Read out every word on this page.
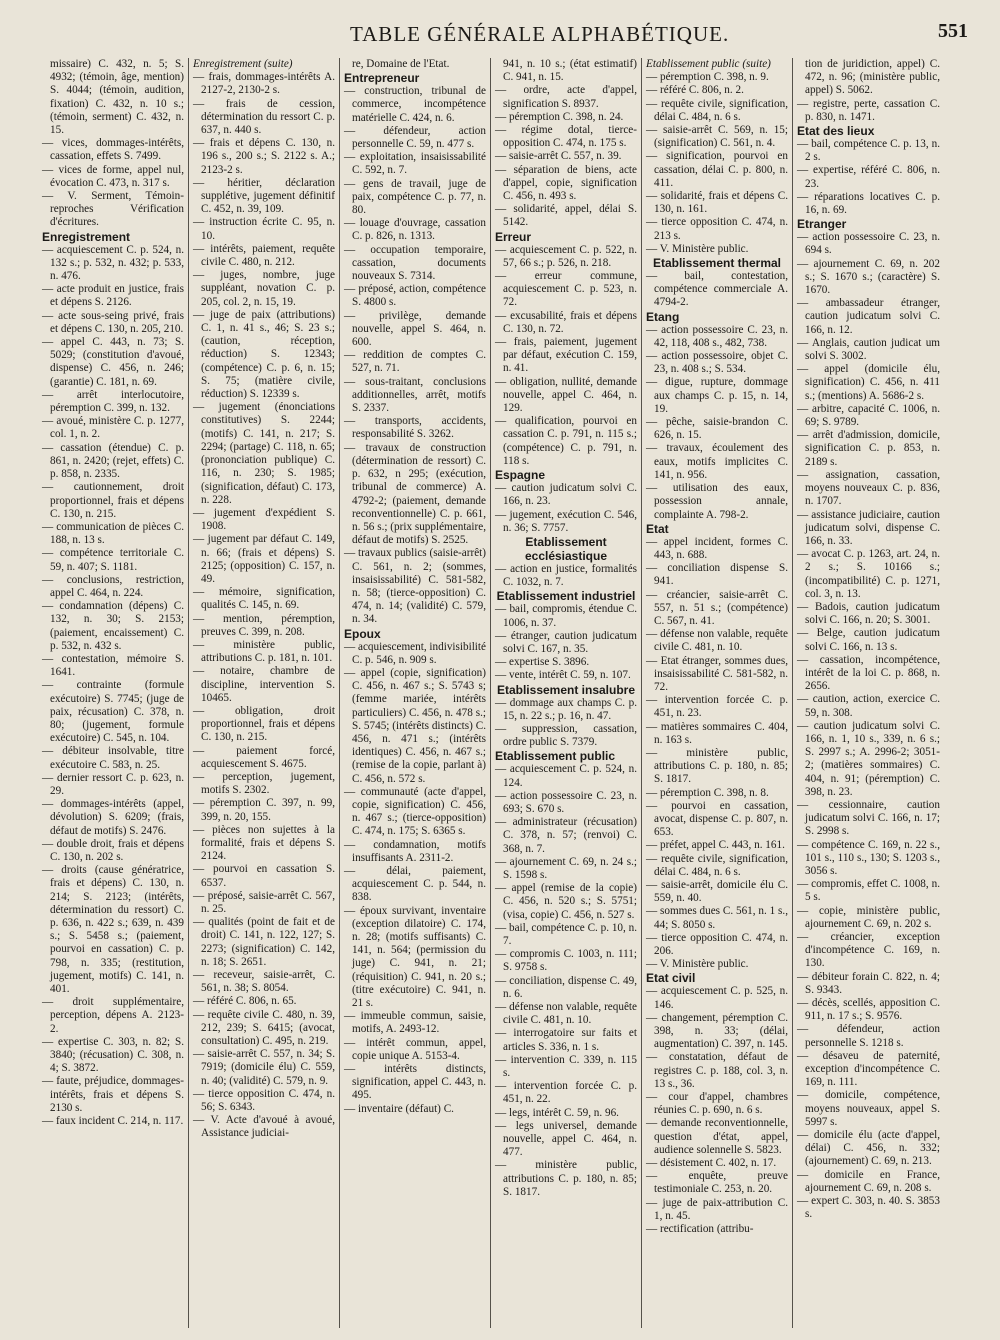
TABLE GÉNÉRALE ALPHABÉTIQUE.	551

missaire) C. 432, n. 5; S. 4932; (témoin, âge, mention) S. 4044; (témoin, audition, fixation) C. 432, n. 10 s.; (témoin, serment) C. 432, n. 15.

— vices, dommages-intérêts, cassation, effets S. 7499.

— vices de forme, appel nul, évocation C. 473, n. 317 s.

— V. Serment, Témoin-reproches Vérification d'écritures.

Enregistrement

— acquiescement C. p. 524, n. 132 s.; p. 532, n. 432; p. 533, n. 476.

— acte produit en justice, frais et dépens S. 2126.

— acte sous-seing privé, frais et dépens C. 130, n. 205, 210.

— appel C. 443, n. 73; S. 5029; (constitution d'avoué, dispense) C. 456, n. 246; (garantie) C. 181, n. 69.

— arrêt interlocutoire, péremption C. 399, n. 132.

— avoué, ministère C. p. 1277, col. 1, n. 2.

— cassation (étendue) C. p. 861, n. 2420; (rejet, effets) C. p. 858, n. 2335.

— cautionnement, droit proportionnel, frais et dépens C. 130, n. 215.

— communication de pièces C. 188, n. 13 s.

— compétence territoriale C. 59, n. 407; S. 1181.

— conclusions, restriction, appel C. 464, n. 224.

— condamnation (dépens) C. 132, n. 30; S. 2153; (paiement, encaissement) C. p. 532, n. 432 s.

— contestation, mémoire S. 1641.

— contrainte (formule exécutoire) S. 7745; (juge de paix, récusation) C. 378, n. 80; (jugement, formule exécutoire) C. 545, n. 104.

— débiteur insolvable, titre exécutoire C. 583, n. 25.

— dernier ressort C. p. 623, n. 29.

— dommages-intérêts (appel, dévolution) S. 6209; (frais, défaut de motifs) S. 2476.

— double droit, frais et dépens C. 130, n. 202 s.

— droits (cause génératrice, frais et dépens) C. 130, n. 214; S. 2123; (intérêts, détermination du ressort) C. p. 636, n. 422 s.; 639, n. 439 s.; S. 5458 s.; (paiement, pourvoi en cassation) C. p. 798, n. 335; (restitution, jugement, motifs) C. 141, n. 401.

— droit supplémentaire, perception, dépens A. 2123-2.

— expertise C. 303, n. 82; S. 3840; (récusation) C. 308, n. 4; S. 3872.

— faute, préjudice, dommages-intérêts, frais et dépens S. 2130 s.

— faux incident C. 214, n. 117.

Enregistrement (suite)

— frais, dommages-intérêts A. 2127-2, 2130-2 s.

— frais de cession, détermination du ressort C. p. 637, n. 440 s.

— frais et dépens C. 130, n. 196 s., 200 s.; S. 2122 s. A.; 2123-2 s.

— héritier, déclaration supplétive, jugement définitif C. 452, n. 39, 109.

— instruction écrite C. 95, n. 10.

— intérêts, paiement, requête civile C. 480, n. 212.

— juges, nombre, juge suppléant, novation C. p. 205, col. 2, n. 15, 19.

— juge de paix (attributions) C. 1, n. 41 s., 46; S. 23 s.; (caution, réception, réduction) S. 12343; (compétence) C. p. 6, n. 15; S. 75; (matière civile, réduction) S. 12339 s.

— jugement (énonciations constitutives) S. 2244; (motifs) C. 141, n. 217; S. 2294; (partage) C. 118, n. 65; (prononciation publique) C. 116, n. 230; S. 1985; (signification, défaut) C. 173, n. 228.

— jugement d'expédient S. 1908.

— jugement par défaut C. 149, n. 66; (frais et dépens) S. 2125; (opposition) C. 157, n. 49.

— mémoire, signification, qualités C. 145, n. 69.

— mention, péremption, preuves C. 399, n. 208.

— ministère public, attributions C. p. 181, n. 101.

— notaire, chambre de discipline, intervention S. 10465.

— obligation, droit proportionnel, frais et dépens C. 130, n. 215.

— paiement forcé, acquiescement S. 4675.

— perception, jugement, motifs S. 2302.

— péremption C. 397, n. 99, 399, n. 20, 155.

— pièces non sujettes à la formalité, frais et dépens S. 2124.

— pourvoi en cassation S. 6537.

— préposé, saisie-arrêt C. 567, n. 25.

— qualités (point de fait et de droit) C. 141, n. 122, 127; S. 2273; (signification) C. 142, n. 18; S. 2651.

— receveur, saisie-arrêt, C. 561, n. 38; S. 8054.

— référé C. 806, n. 65.

— requête civile C. 480, n. 39, 212, 239; S. 6415; (avocat, consultation) C. 495, n. 219.

— saisie-arrêt C. 557, n. 34; S. 7919; (domicile élu) C. 559, n. 40; (validité) C. 579, n. 9.

— tierce opposition C. 474, n. 56; S. 6343.

— V. Acte d'avoué à avoué, Assistance judiciai-

re, Domaine de l'Etat.

Entrepreneur

— construction, tribunal de commerce, incompétence matérielle C. 424, n. 6.

— défendeur, action personnelle C. 59, n. 477 s.

— exploitation, insaisissabilité C. 592, n. 7.

— gens de travail, juge de paix, compétence C. p. 77, n. 80.

— louage d'ouvrage, cassation C. p. 826, n. 1313.

— occupation temporaire, cassation, documents nouveaux S. 7314.

— préposé, action, compétence S. 4800 s.

— privilège, demande nouvelle, appel S. 464, n. 600.

— reddition de comptes C. 527, n. 71.

— sous-traitant, conclusions additionnelles, arrêt, motifs S. 2337.

— transports, accidents, responsabilité S. 3262.

— travaux de construction (détermination de ressort) C. p. 632, n 295; (exécution, tribunal de commerce) A. 4792-2; (paiement, demande reconventionnelle) C. p. 661, n. 56 s.; (prix supplémentaire, défaut de motifs) S. 2525.

— travaux publics (saisie-arrêt) C. 561, n. 2; (sommes, insaisissabilité) C. 581-582, n. 58; (tierce-opposition) C. 474, n. 14; (validité) C. 579, n. 34.

Epoux

— acquiescement, indivisibilité C. p. 546, n. 909 s.

— appel (copie, signification) C. 456, n. 467 s.; S. 5743 s; (femme mariée, intérêts particuliers) C. 456, n. 478 s.; S. 5745; (intérêts distincts) C. 456, n. 471 s.; (intérêts identiques) C. 456, n. 467 s.; (remise de la copie, parlant à) C. 456, n. 572 s.

— communauté (acte d'appel, copie, signification) C. 456, n. 467 s.; (tierce-opposition) C. 474, n. 175; S. 6365 s.

— condamnation, motifs insuffisants A. 2311-2.

— délai, paiement, acquiescement C. p. 544, n. 838.

— époux survivant, inventaire (exception dilatoire) C. 174, n. 28; (motifs suffisants) C. 141, n. 564; (permission du juge) C. 941, n. 21; (réquisition) C. 941, n. 20 s.; (titre exécutoire) C. 941, n. 21 s.

— immeuble commun, saisie, motifs, A. 2493-12.

— intérêt commun, appel, copie unique A. 5153-4.

— intérêts distincts, signification, appel C. 443, n. 495.

— inventaire (défaut) C.

941, n. 10 s.; (état estimatif) C. 941, n. 15.

— ordre, acte d'appel, signification S. 8937.

— péremption C. 398, n. 24.

— régime dotal, tierce-opposition C. 474, n. 175 s.

— saisie-arrêt C. 557, n. 39.

— séparation de biens, acte d'appel, copie, signification C. 456, n. 493 s.

— solidarité, appel, délai S. 5142.

Erreur

— acquiescement C. p. 522, n. 57, 66 s.; p. 526, n. 218.

— erreur commune, acquiescement C. p. 523, n. 72.

— excusabilité, frais et dépens C. 130, n. 72.

— frais, paiement, jugement par défaut, exécution C. 159, n. 41.

— obligation, nullité, demande nouvelle, appel C. 464, n. 129.

— qualification, pourvoi en cassation C. p. 791, n. 115 s.; (compétence) C. p. 791, n. 118 s.

Espagne

— caution judicatum solvi C. 166, n. 23.

— jugement, exécution C. 546, n. 36; S. 7757.

Etablissement ecclésiastique

— action en justice, formalités C. 1032, n. 7.

Etablissement industriel

— bail, compromis, étendue C. 1006, n. 37.

— étranger, caution judicatum solvi C. 167, n. 35.

— expertise S. 3896.

— vente, intérêt C. 59, n. 107.

Etablissement insalubre

— dommage aux champs C. p. 15, n. 22 s.; p. 16, n. 47.

— suppression, cassation, ordre public S. 7379.

Etablissement public

— acquiescement C. p. 524, n. 124.

— action possessoire C. 23, n. 693; S. 670 s.

— administrateur (récusation) C. 378, n. 57; (renvoi) C. 368, n. 7.

— ajournement C. 69, n. 24 s.; S. 1598 s.

— appel (remise de la copie) C. 456, n. 520 s.; S. 5751; (visa, copie) C. 456, n. 527 s.

— bail, compétence C. p. 10, n. 7.

— compromis C. 1003, n. 111; S. 9758 s.

— conciliation, dispense C. 49, n. 6.

— défense non valable, requête civile C. 481, n. 10.

— interrogatoire sur faits et articles S. 336, n. 1 s.

— intervention C. 339, n. 115 s.

— intervention forcée C. p. 451, n. 22.

— legs, intérêt C. 59, n. 96.

— legs universel, demande nouvelle, appel C. 464, n. 477.

— ministère public, attributions C. p. 180, n. 85; S. 1817.

Etablissement public (suite)

— péremption C. 398, n. 9.

— référé C. 806, n. 2.

— requête civile, signification, délai C. 484, n. 6 s.

— saisie-arrêt C. 569, n. 15; (signification) C. 561, n. 4.

— signification, pourvoi en cassation, délai C. p. 800, n. 411.

— solidarité, frais et dépens C. 130, n. 161.

— tierce opposition C. 474, n. 213 s.

— V. Ministère public.

Etablissement thermal

— bail, contestation, compétence commerciale A. 4794-2.

Etang

— action possessoire C. 23, n. 42, 118, 408 s., 482, 738.

— action possessoire, objet C. 23, n. 408 s.; S. 534.

— digue, rupture, dommage aux champs C. p. 15, n. 14, 19.

— pêche, saisie-brandon C. 626, n. 15.

— travaux, écoulement des eaux, motifs implicites C. 141, n. 956.

— utilisation des eaux, possession annale, complainte A. 798-2.

Etat

— appel incident, formes C. 443, n. 688.

— conciliation dispense S. 941.

— créancier, saisie-arrêt C. 557, n. 51 s.; (compétence) C. 567, n. 41.

— défense non valable, requête civile C. 481, n. 10.

— Etat étranger, sommes dues, insaisissabilité C. 581-582, n. 72.

— intervention forcée C. p. 451, n. 23.

— matières sommaires C. 404, n. 163 s.

— ministère public, attributions C. p. 180, n. 85; S. 1817.

— péremption C. 398, n. 8.

— pourvoi en cassation, avocat, dispense C. p. 807, n. 653.

— préfet, appel C. 443, n. 161.

— requête civile, signification, délai C. 484, n. 6 s.

— saisie-arrêt, domicile élu C. 559, n. 40.

— sommes dues C. 561, n. 1 s., 44; S. 8050 s.

— tierce opposition C. 474, n. 206.

— V. Ministère public.

Etat civil

— acquiescement C. p. 525, n. 146.

— changement, péremption C. 398, n. 33; (délai, augmentation) C. 397, n. 145.

— constatation, défaut de registres C. p. 188, col. 3, n. 13 s., 36.

— cour d'appel, chambres réunies C. p. 690, n. 6 s.

— demande reconventionnelle, question d'état, appel, audience solennelle S. 5823.

— désistement C. 402, n. 17.

— enquête, preuve testimoniale C. 253, n. 20.

— juge de paix-attribution C. 1, n. 45.

— rectification (attribu-

tion de juridiction, appel) C. 472, n. 96; (ministère public, appel) S. 5062.

— registre, perte, cassation C. p. 830, n. 1471.

Etat des lieux

— bail, compétence C. p. 13, n. 2 s.

— expertise, référé C. 806, n. 23.

— réparations locatives C. p. 16, n. 69.

Etranger

— action possessoire C. 23, n. 694 s.

— ajournement C. 69, n. 202 s.; S. 1670 s.; (caractère) S. 1670.

— ambassadeur étranger, caution judicatum solvi C. 166, n. 12.

— Anglais, caution judicat um solvi S. 3002.

— appel (domicile élu, signification) C. 456, n. 411 s.; (mentions) A. 5686-2 s.

— arbitre, capacité C. 1006, n. 69; S. 9789.

— arrêt d'admission, domicile, signification C. p. 853, n. 2189 s.

— assignation, cassation, moyens nouveaux C. p. 836, n. 1707.

— assistance judiciaire, caution judicatum solvi, dispense C. 166, n. 33.

— avocat C. p. 1263, art. 24, n. 2 s.; S. 10166 s.; (incompatibilité) C. p. 1271, col. 3, n. 13.

— Badois, caution judicatum solvi C. 166, n. 20; S. 3001.

— Belge, caution judicatum solvi C. 166, n. 13 s.

— cassation, incompétence, intérêt de la loi C. p. 868, n. 2656.

— caution, action, exercice C. 59, n. 308.

— caution judicatum solvi C. 166, n. 1, 10 s., 339, n. 6 s.; S. 2997 s.; A. 2996-2; 3051-2; (matières sommaires) C. 404, n. 91; (péremption) C. 398, n. 23.

— cessionnaire, caution judicatum solvi C. 166, n. 17; S. 2998 s.

— compétence C. 169, n. 22 s., 101 s., 110 s., 130; S. 1203 s., 3056 s.

— compromis, effet C. 1008, n. 5 s.

— copie, ministère public, ajournement C. 69, n. 202 s.

— créancier, exception d'incompétence C. 169, n. 130.

— débiteur forain C. 822, n. 4; S. 9343.

— décès, scellés, apposition C. 911, n. 17 s.; S. 9576.

— défendeur, action personnelle S. 1218 s.

— désaveu de paternité, exception d'incompétence C. 169, n. 111.

— domicile, compétence, moyens nouveaux, appel S. 5997 s.

— domicile élu (acte d'appel, délai) C. 456, n. 332; (ajournement) C. 69, n. 213.

— domicile en France, ajournement C. 69, n. 208 s.

— expert C. 303, n. 40. S. 3853 s.
